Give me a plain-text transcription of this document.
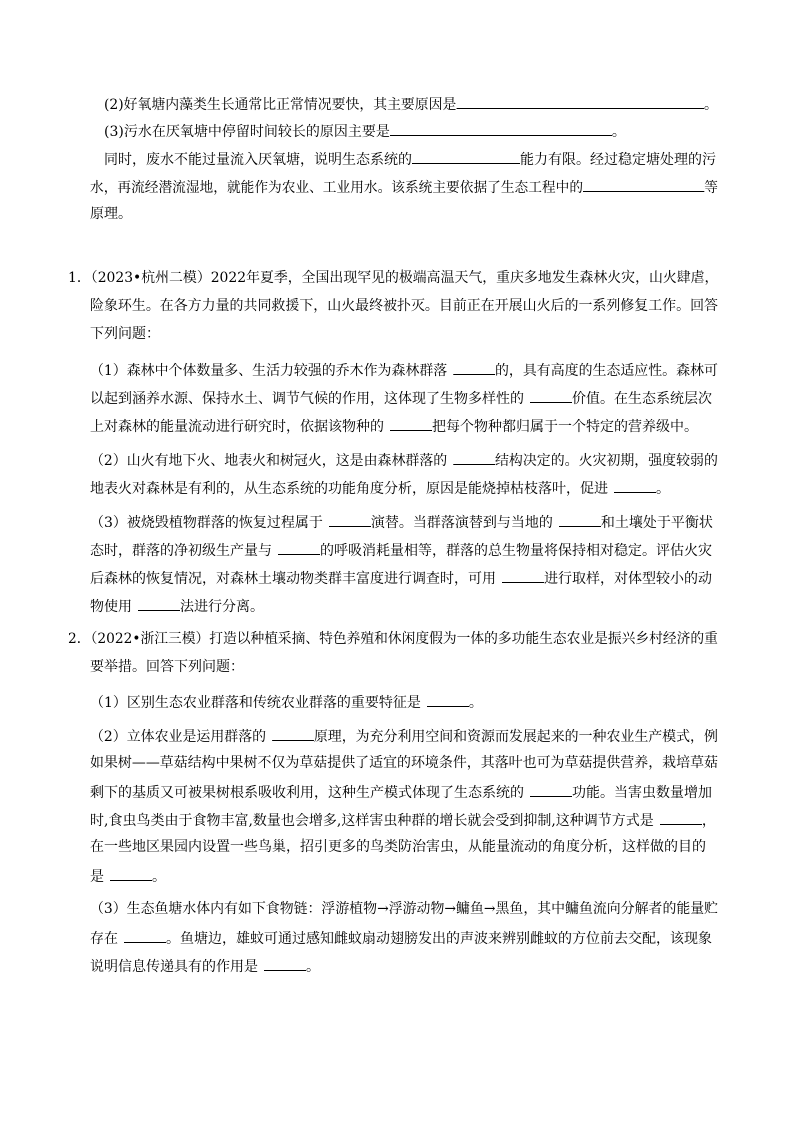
(2)好氧塘内藻类生长通常比正常情况要快，其主要原因是	。
(3)污水在厌氧塘中停留时间较长的原因主要是	。
同时，废水不能过量流入厌氧塘，说明生态系统的	能力有限。经过稳定塘处理的污
水，再流经潜流湿地，就能作为农业、工业用水。该系统主要依据了生态工程中的	等
原理。
1．（2023•杭州二模）2022年夏季，全国出现罕见的极端高温天气，重庆多地发生森林火灾，山火肆虐，
险象环生。在各方力量的共同救援下，山火最终被扑灭。目前正在开展山火后的一系列修复工作。回答
下列问题：
（1）森林中个体数量多、生活力较强的乔木作为森林群落	的，具有高度的生态适应性。森林可
以起到涵养水源、保持水土、调节气候的作用，这体现了生物多样性的	价值。在生态系统层次
上对森林的能量流动进行研究时，依据该物种的	把每个物种都归属于一个特定的营养级中。
（2）山火有地下火、地表火和树冠火，这是由森林群落的	结构决定的。火灾初期，强度较弱的
地表火对森林是有利的，从生态系统的功能角度分析，原因是能烧掉枯枝落叶，促进	。
（3）被烧毁植物群落的恢复过程属于	演替。当群落演替到与当地的	和土壤处于平衡状
态时，群落的净初级生产量与	的呼吸消耗量相等，群落的总生物量将保持相对稳定。评估火灾
后森林的恢复情况，对森林土壤动物类群丰富度进行调查时，可用	进行取样，对体型较小的动
物使用	法进行分离。
2．（2022•浙江三模）打造以种植采摘、特色养殖和休闲度假为一体的多功能生态农业是振兴乡村经济的重
要举措。回答下列问题：
（1）区别生态农业群落和传统农业群落的重要特征是	。
（2）立体农业是运用群落的	原理，为充分利用空间和资源而发展起来的一种农业生产模式，例
如果树——草菇结构中果树不仅为草菇提供了适宜的环境条件，其落叶也可为草菇提供营养，栽培草菇
剩下的基质又可被果树根系吸收利用，这种生产模式体现了生态系统的	功能。当害虫数量增加
时,食虫鸟类由于食物丰富,数量也会增多,这样害虫种群的增长就会受到抑制,这种调节方式是	，
在一些地区果园内设置一些鸟巢，招引更多的鸟类防治害虫，从能量流动的角度分析，这样做的目的
是	。
（3）生态鱼塘水体内有如下食物链：浮游植物→浮游动物→鳙鱼→黑鱼，其中鳙鱼流向分解者的能量贮
存在	。鱼塘边，雄蚊可通过感知雌蚊扇动翅膀发出的声波来辨别雌蚊的方位前去交配，该现象
说明信息传递具有的作用是	。
